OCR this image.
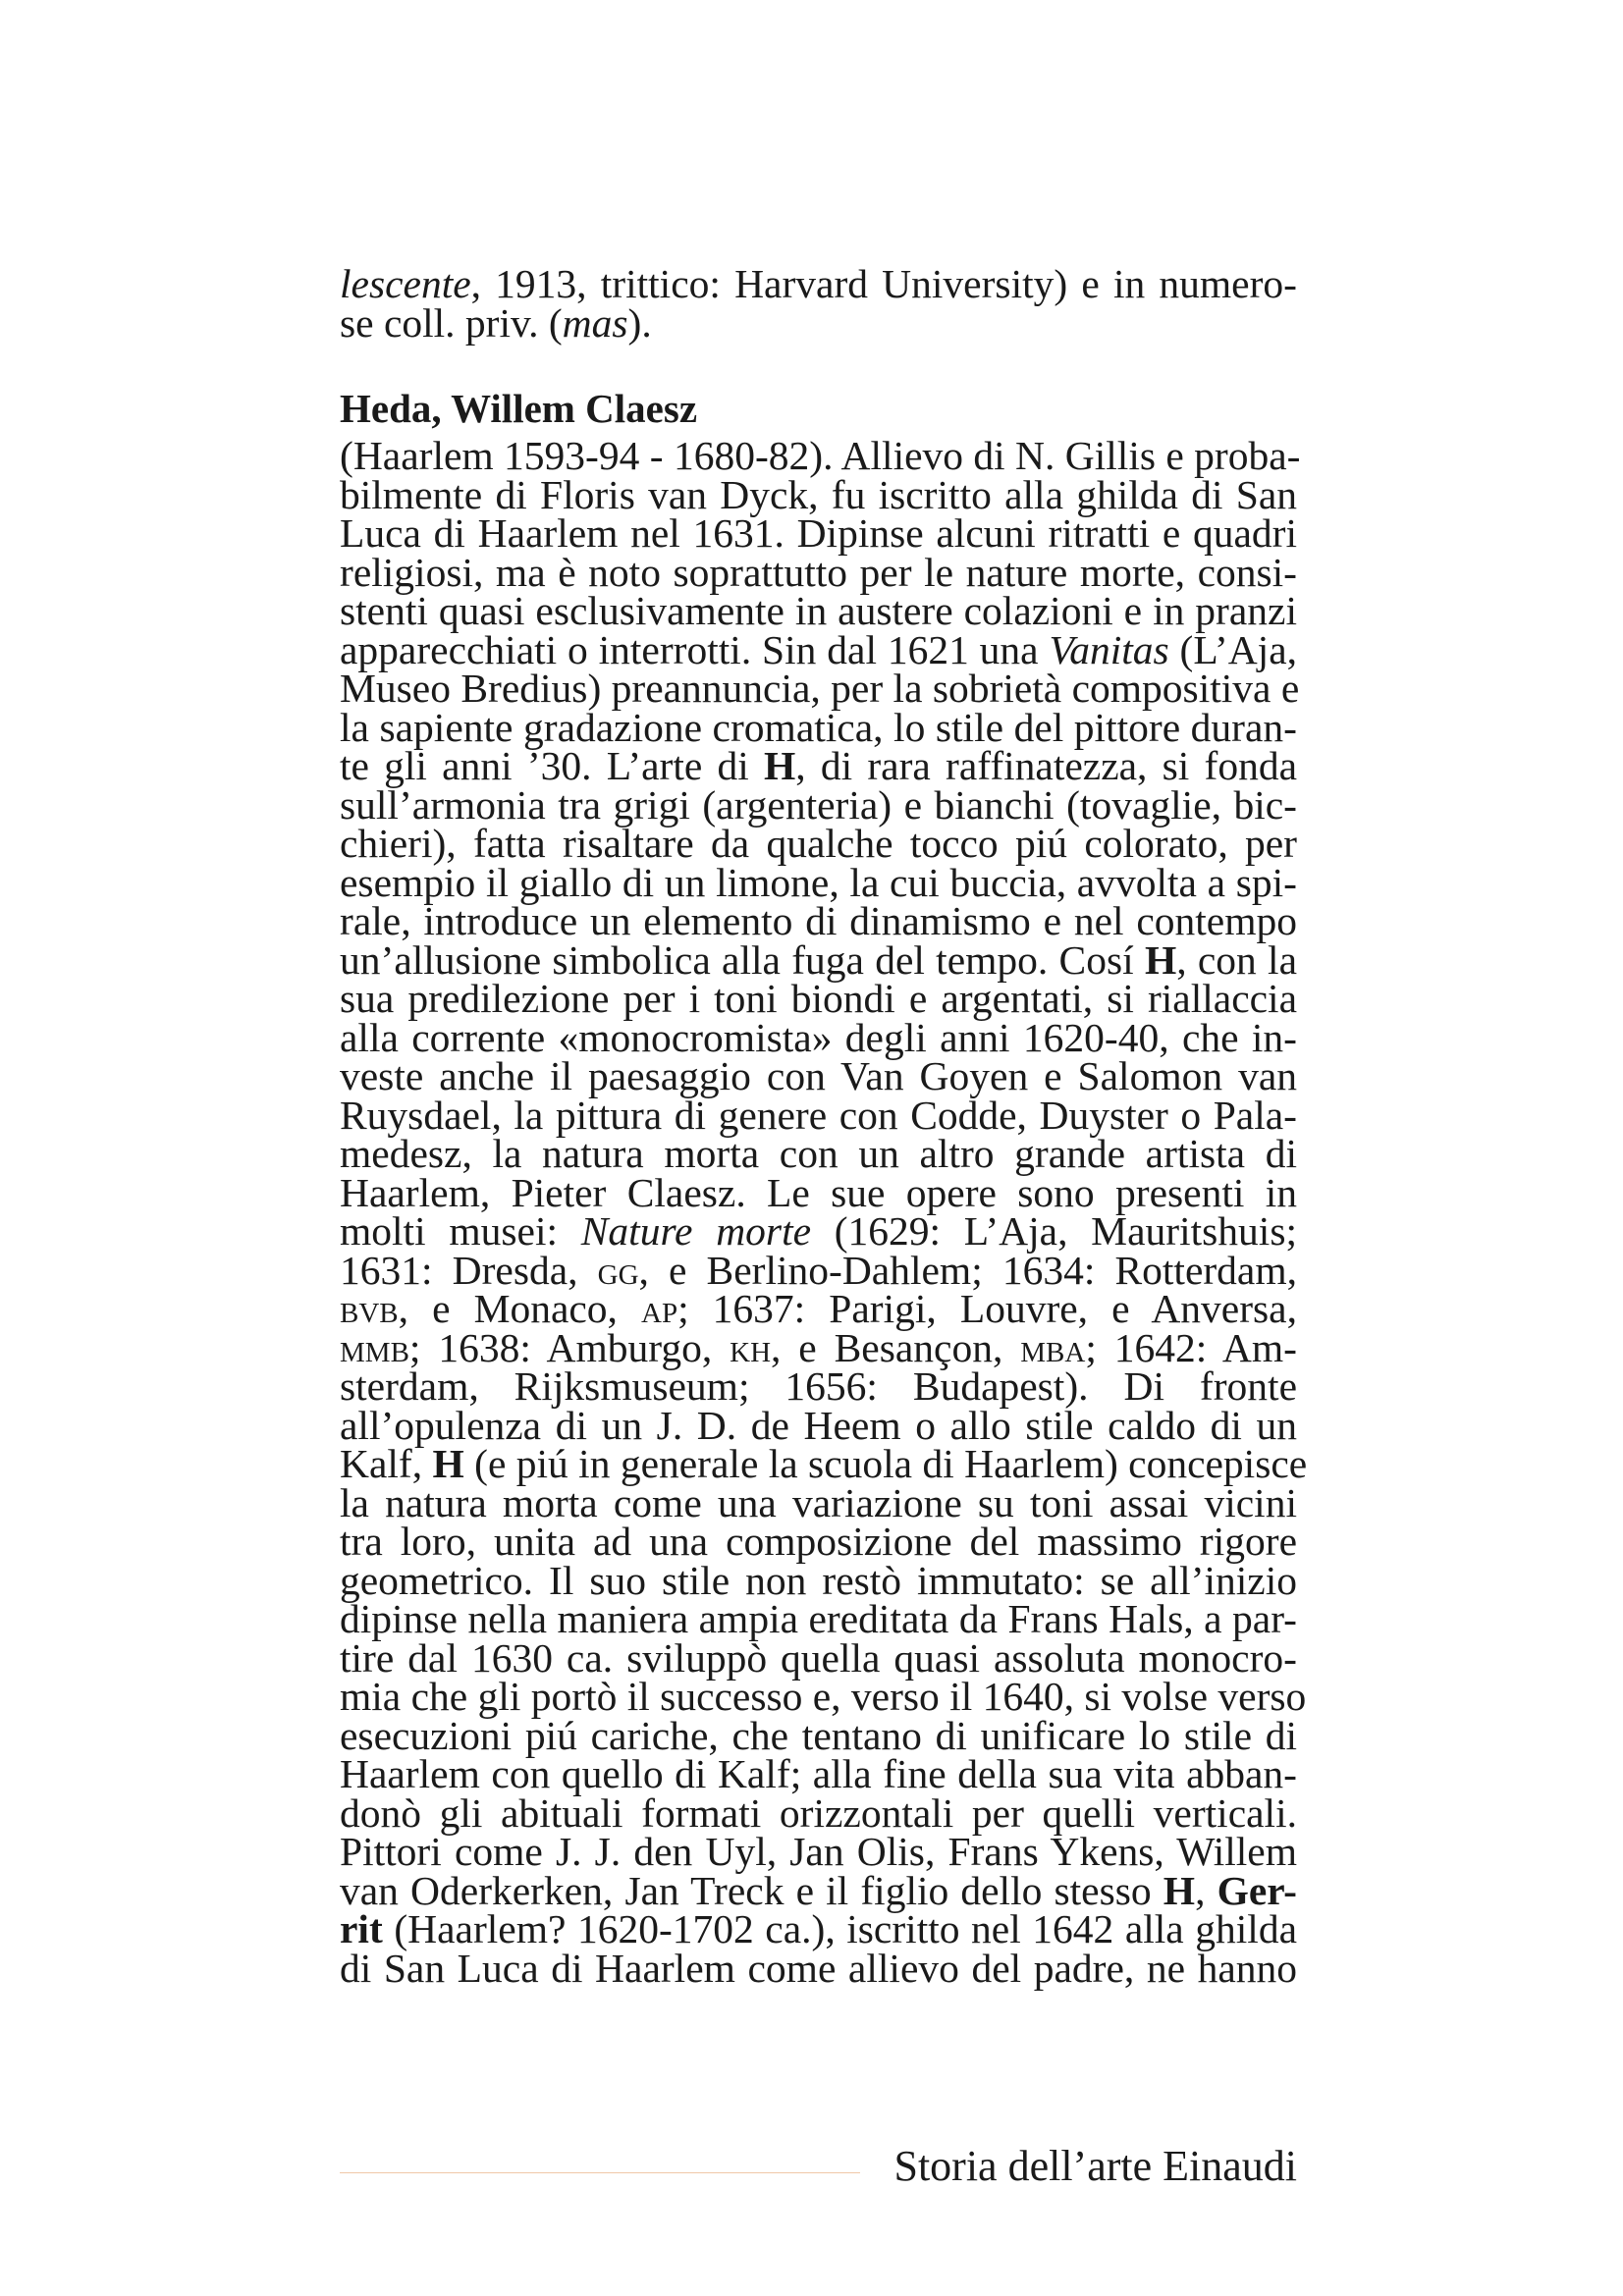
lescente, 1913, trittico: Harvard University) e in numero-
se coll. priv. (mas).

Heda, Willem Claesz

(Haarlem 1593-94 - 1680-82). Allievo di N. Gillis e proba-
bilmente di Floris van Dyck, fu iscritto alla ghilda di San
Luca di Haarlem nel 1631. Dipinse alcuni ritratti e quadri
religiosi, ma è noto soprattutto per le nature morte, consi-
stenti quasi esclusivamente in austere colazioni e in pranzi
apparecchiati o interrotti. Sin dal 1621 una Vanitas (L’Aja,
Museo Bredius) preannuncia, per la sobrietà compositiva e
la sapiente gradazione cromatica, lo stile del pittore duran-
te gli anni ’30. L’arte di H, di rara raffinatezza, si fonda
sull’armonia tra grigi (argenteria) e bianchi (tovaglie, bic-
chieri), fatta risaltare da qualche tocco piú colorato, per
esempio il giallo di un limone, la cui buccia, avvolta a spi-
rale, introduce un elemento di dinamismo e nel contempo
un’allusione simbolica alla fuga del tempo. Cosí H, con la
sua predilezione per i toni biondi e argentati, si riallaccia
alla corrente «monocromista» degli anni 1620-40, che in-
veste anche il paesaggio con Van Goyen e Salomon van
Ruysdael, la pittura di genere con Codde, Duyster o Pala-
medesz, la natura morta con un altro grande artista di
Haarlem, Pieter Claesz. Le sue opere sono presenti in
molti musei: Nature morte (1629: L’Aja, Mauritshuis;
1631: Dresda, gg, e Berlino-Dahlem; 1634: Rotterdam,
bvb, e Monaco, ap; 1637: Parigi, Louvre, e Anversa,
mmb; 1638: Amburgo, kh, e Besançon, mba; 1642: Am-
sterdam, Rijksmuseum; 1656: Budapest). Di fronte
all’opulenza di un J. D. de Heem o allo stile caldo di un
Kalf, H (e piú in generale la scuola di Haarlem) concepisce
la natura morta come una variazione su toni assai vicini
tra loro, unita ad una composizione del massimo rigore
geometrico. Il suo stile non restò immutato: se all’inizio
dipinse nella maniera ampia ereditata da Frans Hals, a par-
tire dal 1630 ca. sviluppò quella quasi assoluta monocro-
mia che gli portò il successo e, verso il 1640, si volse verso
esecuzioni piú cariche, che tentano di unificare lo stile di
Haarlem con quello di Kalf; alla fine della sua vita abban-
donò gli abituali formati orizzontali per quelli verticali.
Pittori come J. J. den Uyl, Jan Olis, Frans Ykens, Willem
van Oderkerken, Jan Treck e il figlio dello stesso H, Ger-
rit (Haarlem? 1620-1702 ca.), iscritto nel 1642 alla ghilda
di San Luca di Haarlem come allievo del padre, ne hanno

Storia dell’arte Einaudi
